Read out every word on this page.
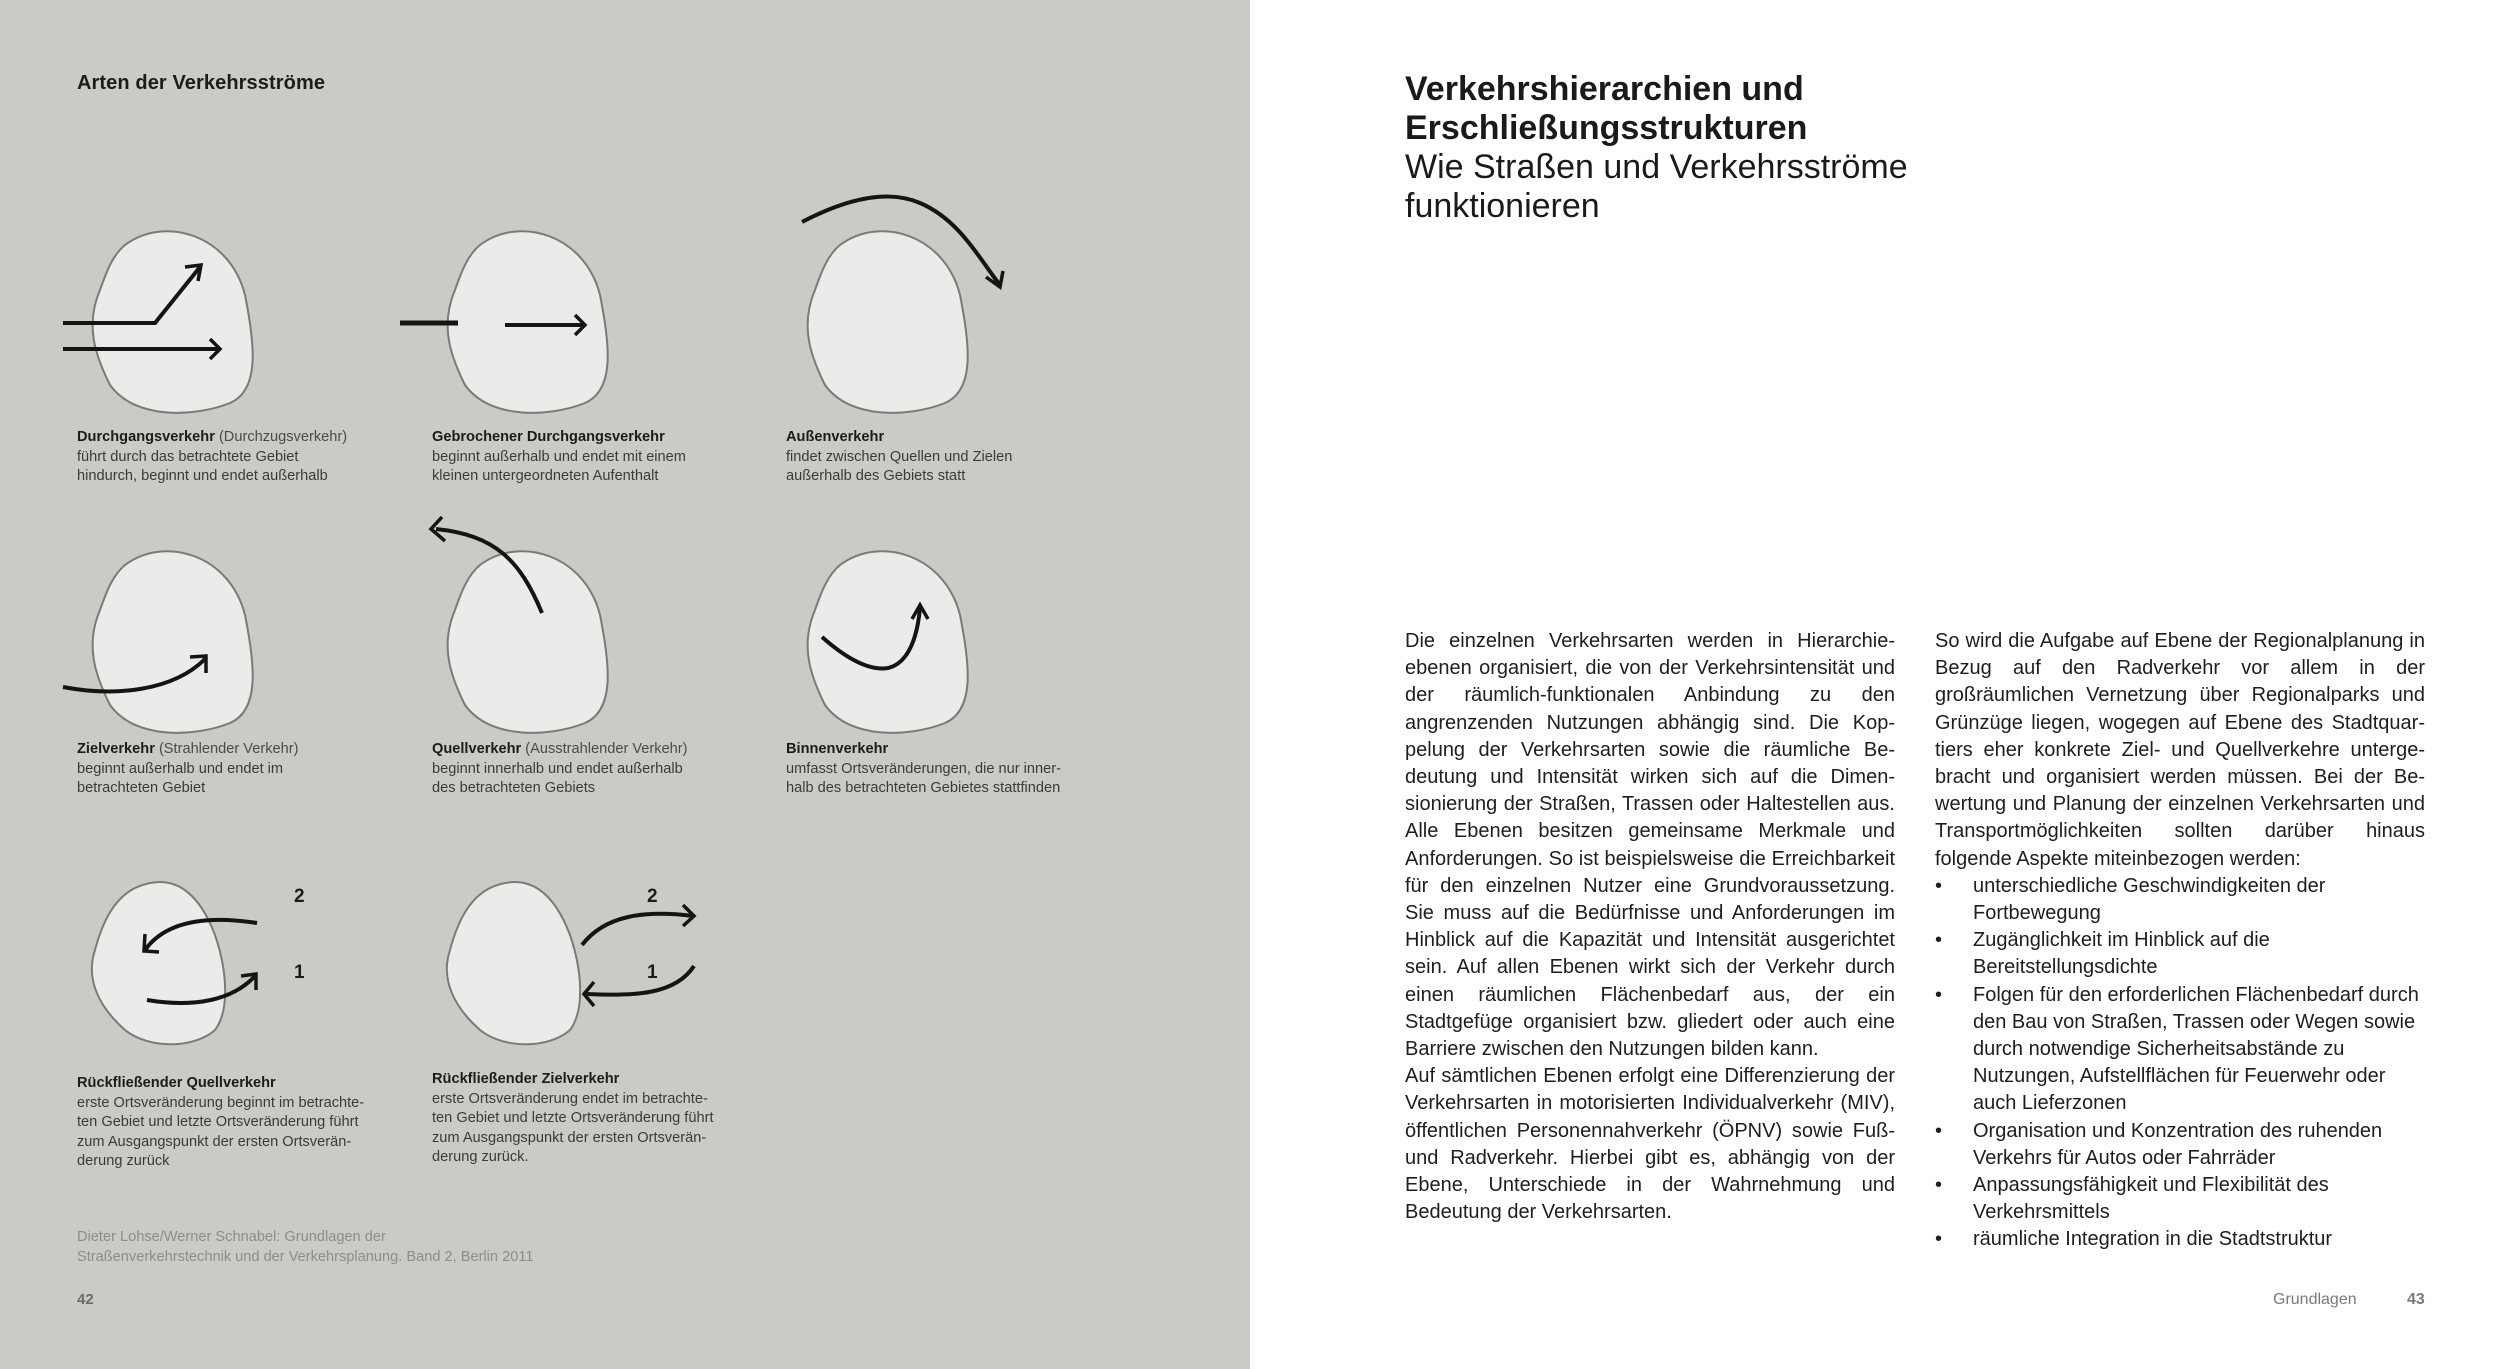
Arten der Verkehrsströme
Durchgangsverkehr (Durchzugsverkehr)
führt durch das betrachtete Gebiet
hindurch, beginnt und endet außerhalb
Gebrochener Durchgangsverkehr
beginnt außerhalb und endet mit einem
kleinen untergeordneten Aufenthalt
Außenverkehr
findet zwischen Quellen und Zielen
außerhalb des Gebiets statt
Zielverkehr (Strahlender Verkehr)
beginnt außerhalb und endet im
betrachteten Gebiet
Quellverkehr (Ausstrahlender Verkehr)
beginnt innerhalb und endet außerhalb
des betrachteten Gebiets
Binnenverkehr
umfasst Ortsveränderungen, die nur inner-
halb des betrachteten Gebietes stattfinden
2
1
2
1
Rückfließender Quellverkehr
erste Ortsveränderung beginnt im betrachte-
ten Gebiet und letzte Ortsveränderung führt
zum Ausgangspunkt der ersten Ortsverän-
derung zurück
Rückfließender Zielverkehr
erste Ortsveränderung endet im betrachte-
ten Gebiet und letzte Ortsveränderung führt
zum Ausgangspunkt der ersten Ortsverän-
derung zurück.
Dieter Lohse/Werner Schnabel: Grundlagen der
Straßenverkehrstechnik und der Verkehrsplanung. Band 2, Berlin 2011
42
Verkehrshierarchien und
Erschließungsstrukturen
Wie Straßen und Verkehrsströme
funktionieren

Die einzelnen Verkehrsarten werden in Hierarchieebenen organisiert, die von der Verkehrsintensität und der räumlich-funktionalen Anbindung zu den angrenzenden Nutzungen abhängig sind. Die Koppelung der Verkehrsarten sowie die räumliche Bedeutung und Intensität wirken sich auf die Dimensionierung der Straßen, Trassen oder Haltestellen aus. Alle Ebenen besitzen gemeinsame Merkmale und Anforderungen. So ist beispielsweise die Erreichbarkeit für den einzelnen Nutzer eine Grundvoraussetzung. Sie muss auf die Bedürfnisse und Anforderungen im Hinblick auf die Kapazität und Intensität ausgerichtet sein. Auf allen Ebenen wirkt sich der Verkehr durch einen räumlichen Flächenbedarf aus, der ein Stadtgefüge organisiert bzw. gliedert oder auch eine Barriere zwischen den Nutzungen bilden kann.

Auf sämtlichen Ebenen erfolgt eine Differenzierung der Verkehrsarten in motorisierten Individualverkehr (MIV), öffentlichen Personennahverkehr (ÖPNV) sowie Fuß- und Radverkehr. Hierbei gibt es, abhängig von der Ebene, Unterschiede in der Wahrnehmung und Bedeutung der Verkehrsarten.

So wird die Aufgabe auf Ebene der Regionalplanung in Bezug auf den Radverkehr vor allem in der großräumlichen Vernetzung über Regionalparks und Grünzüge liegen, wogegen auf Ebene des Stadtquartiers eher konkrete Ziel- und Quellverkehre untergebracht und organisiert werden müssen. Bei der Bewertung und Planung der einzelnen Verkehrsarten und Transportmöglichkeiten sollten darüber hinaus folgende Aspekte miteinbezogen werden:

• unterschiedliche Geschwindigkeiten der Fortbewegung
• Zugänglichkeit im Hinblick auf die Bereitstellungsdichte
• Folgen für den erforderlichen Flächenbedarf durch den Bau von Straßen, Trassen oder Wegen sowie durch notwendige Sicherheitsabstände zu Nutzungen, Aufstellflächen für Feuerwehr oder auch Lieferzonen
• Organisation und Konzentration des ruhenden Verkehrs für Autos oder Fahrräder
• Anpassungsfähigkeit und Flexibilität des Verkehrsmittels
• räumliche Integration in die Stadtstruktur
Grundlagen	43
